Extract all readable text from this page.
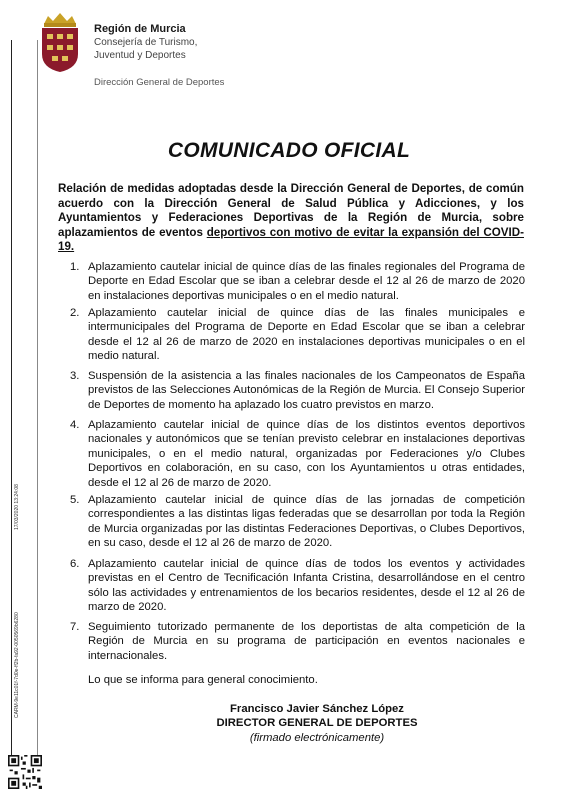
Región de Murcia
Consejería de Turismo,
Juventud y Deportes
Dirección General de Deportes
CARM-9e11c01f-7d0e-ff2b-fa92-0050569b6280
17/03/2020 13:24:08
COMUNICADO OFICIAL
Relación de medidas adoptadas desde la Dirección General de Deportes, de común acuerdo con la Dirección General de Salud Pública y Adicciones, y los Ayuntamientos y Federaciones Deportivas de la Región de Murcia, sobre aplazamientos de eventos deportivos con motivo de evitar la expansión del COVID-19.
1. Aplazamiento cautelar inicial de quince días de las finales regionales del Programa de Deporte en Edad Escolar que se iban a celebrar desde el 12 al 26 de marzo de 2020 en instalaciones deportivas municipales o en el medio natural.
2. Aplazamiento cautelar inicial de quince días de las finales municipales e intermunicipales del Programa de Deporte en Edad Escolar que se iban a celebrar desde el 12 al 26 de marzo de 2020 en instalaciones deportivas municipales o en el medio natural.
3. Suspensión de la asistencia a las finales nacionales de los Campeonatos de España previstos de las Selecciones Autonómicas de la Región de Murcia. El Consejo Superior de Deportes de momento ha aplazado los cuatro previstos en marzo.
4. Aplazamiento cautelar inicial de quince días de los distintos eventos deportivos nacionales y autonómicos que se tenían previsto celebrar en instalaciones deportivas municipales, o en el medio natural, organizadas por Federaciones y/o Clubes Deportivos en colaboración, en su caso, con los Ayuntamientos u otras entidades, desde el 12 al 26 de marzo de 2020.
5. Aplazamiento cautelar inicial de quince días de las jornadas de competición correspondientes a las distintas ligas federadas que se desarrollan por toda la Región de Murcia organizadas por las distintas Federaciones Deportivas, o Clubes Deportivos, en su caso, desde el 12 al 26 de marzo de 2020.
6. Aplazamiento cautelar inicial de quince días de todos los eventos y actividades previstas en el Centro de Tecnificación Infanta Cristina, desarrollándose en el centro sólo las actividades y entrenamientos de los becarios residentes, desde el 12 al 26 de marzo de 2020.
7. Seguimiento tutorizado permanente de los deportistas de alta competición de la Región de Murcia en su programa de participación en eventos nacionales e internacionales.
Lo que se informa para general conocimiento.
Francisco Javier Sánchez López
DIRECTOR GENERAL DE DEPORTES
(firmado electrónicamente)
